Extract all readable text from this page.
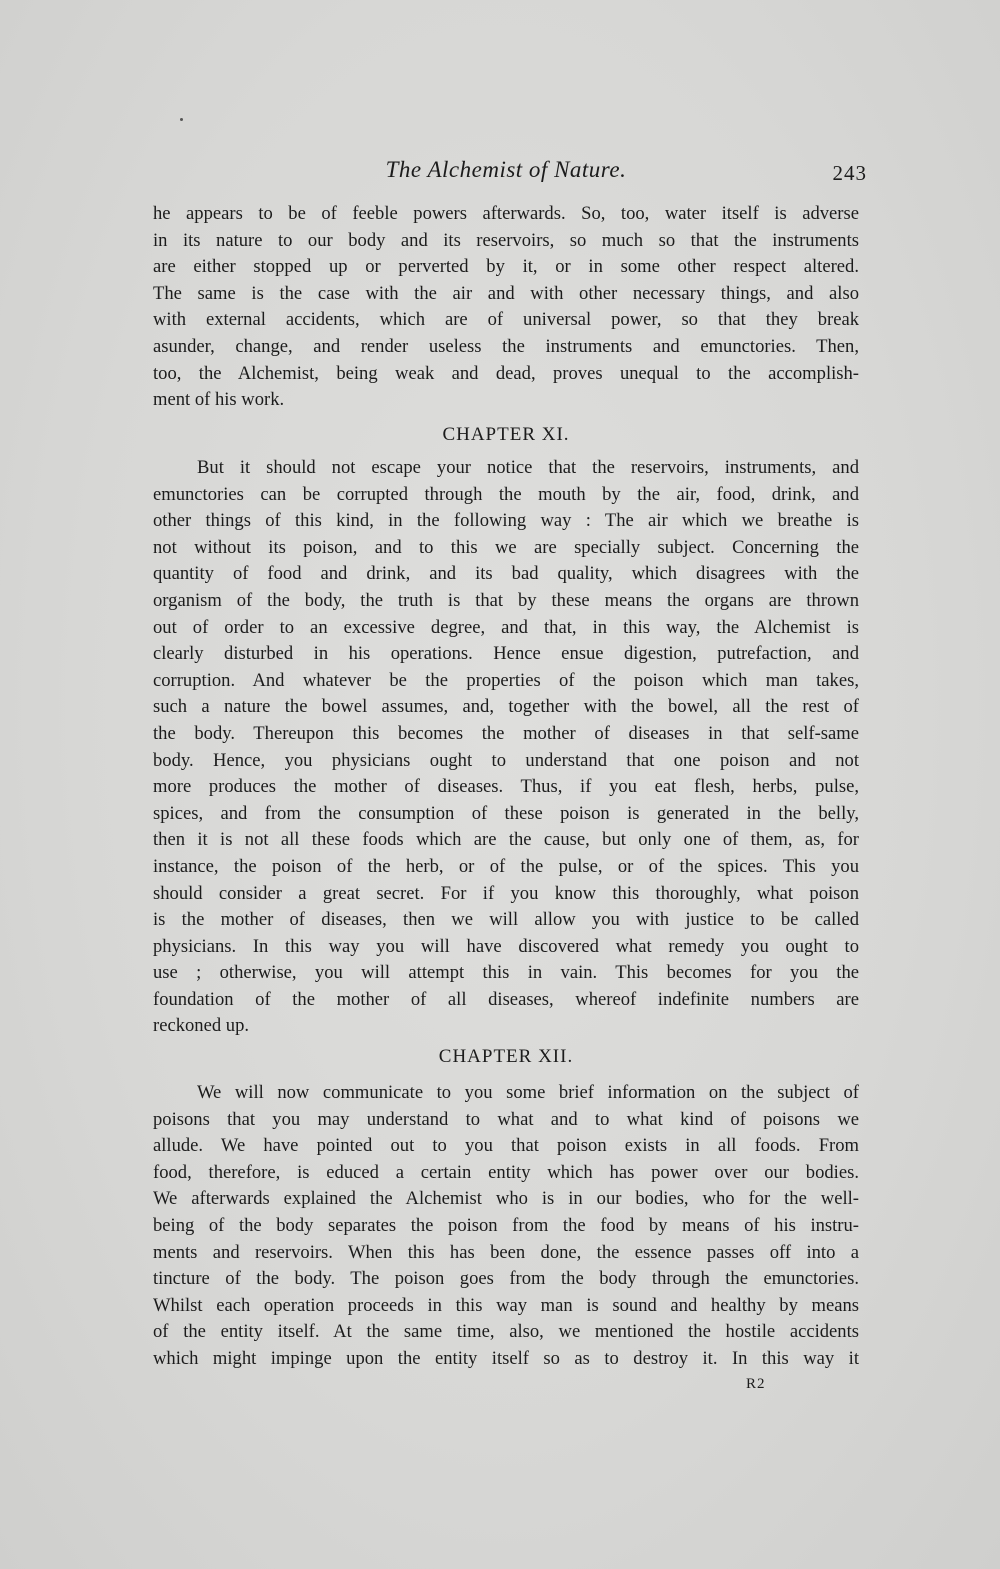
The Alchemist of Nature.	243

he appears to be of feeble powers afterwards. So, too, water itself is adverse

in its nature to our body and its reservoirs, so much so that the instruments

are either stopped up or perverted by it, or in some other respect altered.

The same is the case with the air and with other necessary things, and also

with external accidents, which are of universal power, so that they break

asunder, change, and render useless the instruments and emunctories. Then,

too, the Alchemist, being weak and dead, proves unequal to the accomplish-

ment of his work.

CHAPTER XI.

But it should not escape your notice that the reservoirs, instruments, and

emunctories can be corrupted through the mouth by the air, food, drink, and

other things of this kind, in the following way : The air which we breathe is

not without its poison, and to this we are specially subject. Concerning the

quantity of food and drink, and its bad quality, which disagrees with the

organism of the body, the truth is that by these means the organs are thrown

out of order to an excessive degree, and that, in this way, the Alchemist is

clearly disturbed in his operations. Hence ensue digestion, putrefaction, and

corruption. And whatever be the properties of the poison which man takes,

such a nature the bowel assumes, and, together with the bowel, all the rest of

the body. Thereupon this becomes the mother of diseases in that self-same

body. Hence, you physicians ought to understand that one poison and not

more produces the mother of diseases. Thus, if you eat flesh, herbs, pulse,

spices, and from the consumption of these poison is generated in the belly,

then it is not all these foods which are the cause, but only one of them, as, for

instance, the poison of the herb, or of the pulse, or of the spices. This you

should consider a great secret. For if you know this thoroughly, what poison

is the mother of diseases, then we will allow you with justice to be called

physicians. In this way you will have discovered what remedy you ought to

use ; otherwise, you will attempt this in vain. This becomes for you the

foundation of the mother of all diseases, whereof indefinite numbers are

reckoned up.

CHAPTER XII.

We will now communicate to you some brief information on the subject of

poisons that you may understand to what and to what kind of poisons we

allude. We have pointed out to you that poison exists in all foods. From

food, therefore, is educed a certain entity which has power over our bodies.

We afterwards explained the Alchemist who is in our bodies, who for the well-

being of the body separates the poison from the food by means of his instru-

ments and reservoirs. When this has been done, the essence passes off into a

tincture of the body. The poison goes from the body through the emunctories.

Whilst each operation proceeds in this way man is sound and healthy by means

of the entity itself. At the same time, also, we mentioned the hostile accidents

which might impinge upon the entity itself so as to destroy it. In this way it

R2
